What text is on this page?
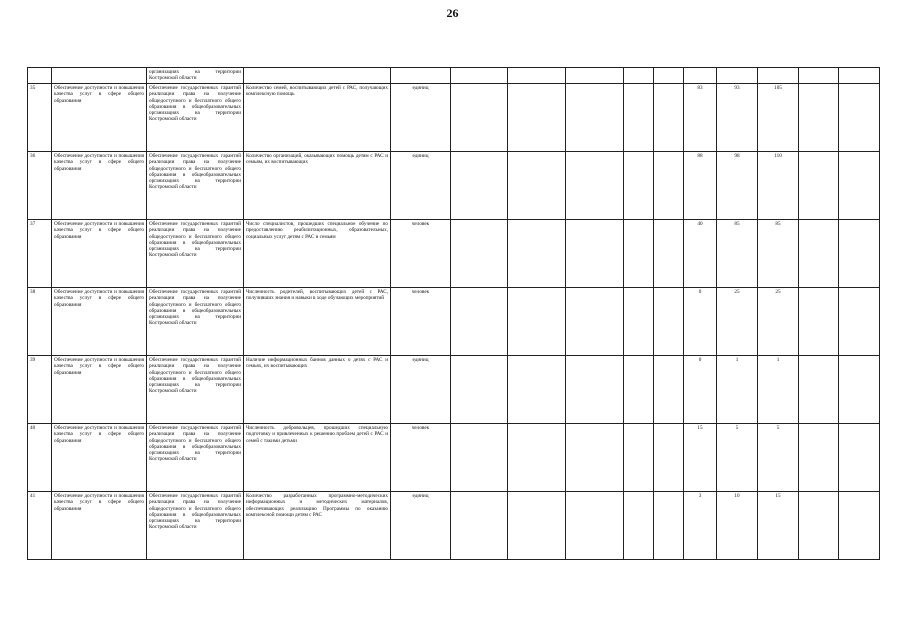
26
		организациях на территории Костромской области												
35	Обеспечение доступности и повышения качества услуг в сфере общего образования	Обеспечение государственных гарантий реализации права на получение общедоступного и бесплатного общего образования в общеобразовательных организациях на территории Костромской области	Количество семей, воспитывающих детей с РАС, получающих комплексную помощь	единиц						83	93	105		
36	Обеспечение доступности и повышения качества услуг в сфере общего образования	Обеспечение государственных гарантий реализации права на получение общедоступного и бесплатного общего образования в общеобразовательных организациях на территории Костромской области	Количество организаций, оказывающих помощь детям с РАС и семьям, их воспитывающих	единиц						88	98	110		
37	Обеспечение доступности и повышения качества услуг в сфере общего образования	Обеспечение государственных гарантий реализации права на получение общедоступного и бесплатного общего образования в общеобразовательных организациях на территории Костромской области	Число специалистов, прошедших специальное обучение по предоставлению реабилитационных, образовательных, социальных услуг детям с РАС и семьям	человек						40	85	85		
38	Обеспечение доступности и повышения качества услуг в сфере общего образования	Обеспечение государственных гарантий реализации права на получение общедоступного и бесплатного общего образования в общеобразовательных организациях на территории Костромской области	Численность родителей, воспитывающих детей с РАС, получивших знания и навыки в ходе обучающих мероприятий	человек						0	25	25		
39	Обеспечение доступности и повышения качества услуг в сфере общего образования	Обеспечение государственных гарантий реализации права на получение общедоступного и бесплатного общего образования в общеобразовательных организациях на территории Костромской области	Наличие информационных баннов данных о детях с РАС и семьях, их воспитывающих	единиц						0	1	1		
40	Обеспечение доступности и повышения качества услуг в сфере общего образования	Обеспечение государственных гарантий реализации права на получение общедоступного и бесплатного общего образования в общеобразовательных организациях на территории Костромской области	Численность добровольцев, прошедших специальную подготовку и привлеченных к решению проблем детей с РАС и семей с такими детьми	человек						15	5	5		
41	Обеспечение доступности и повышения качества услуг в сфере общего образования	Обеспечение государственных гарантий реализации права на получение общедоступного и бесплатного общего образования в общеобразовательных организациях на территории Костромской области	Количество разработанных программно-методических информационных и методических материалов, обеспечивающих реализацию Программы по оказанию комплексной помощи детям с РАС	единиц						3	10	15		
